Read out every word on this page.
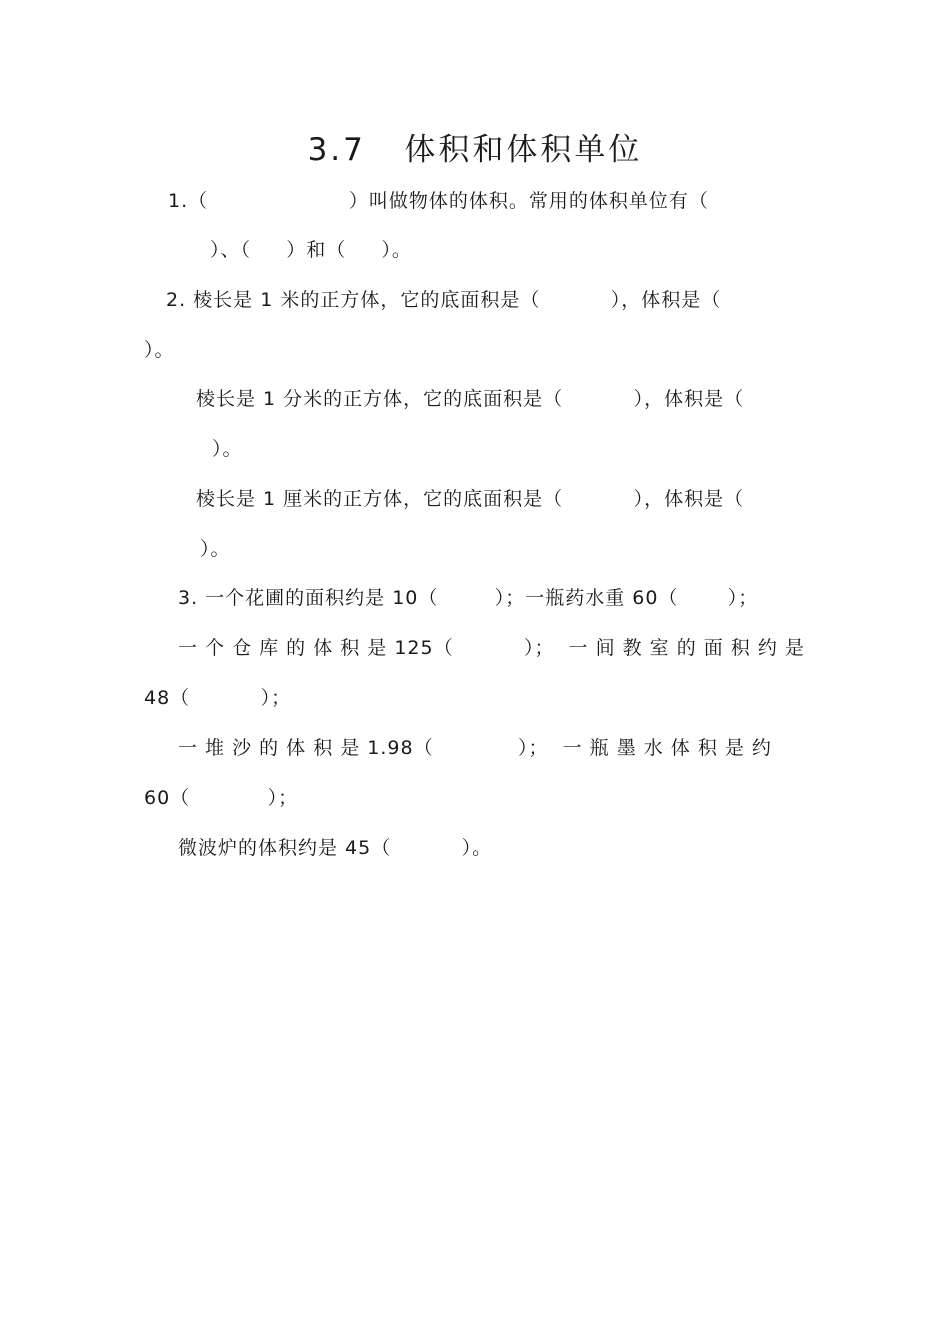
3.7   体积和体积单位
1.（                    ）叫做物体的体积。常用的体积单位有（
）、（     ）和（     ）。
2. 棱长是 1 米的正方体，它的底面积是（          ），体积是（
）。
棱长是 1 分米的正方体，它的底面积是（          ），体积是（
）。
棱长是 1 厘米的正方体，它的底面积是（          ），体积是（
）。
3. 一个花圃的面积约是 10（        ）；一瓶药水重 60（       ）；
一 个 仓 库 的 体 积 是 125（          ）；  一 间 教 室 的 面 积 约 是
48（          ）；
一 堆 沙 的 体 积 是 1.98（            ）；  一 瓶 墨 水 体 积 是 约
60（           ）；
微波炉的体积约是 45（          ）。
